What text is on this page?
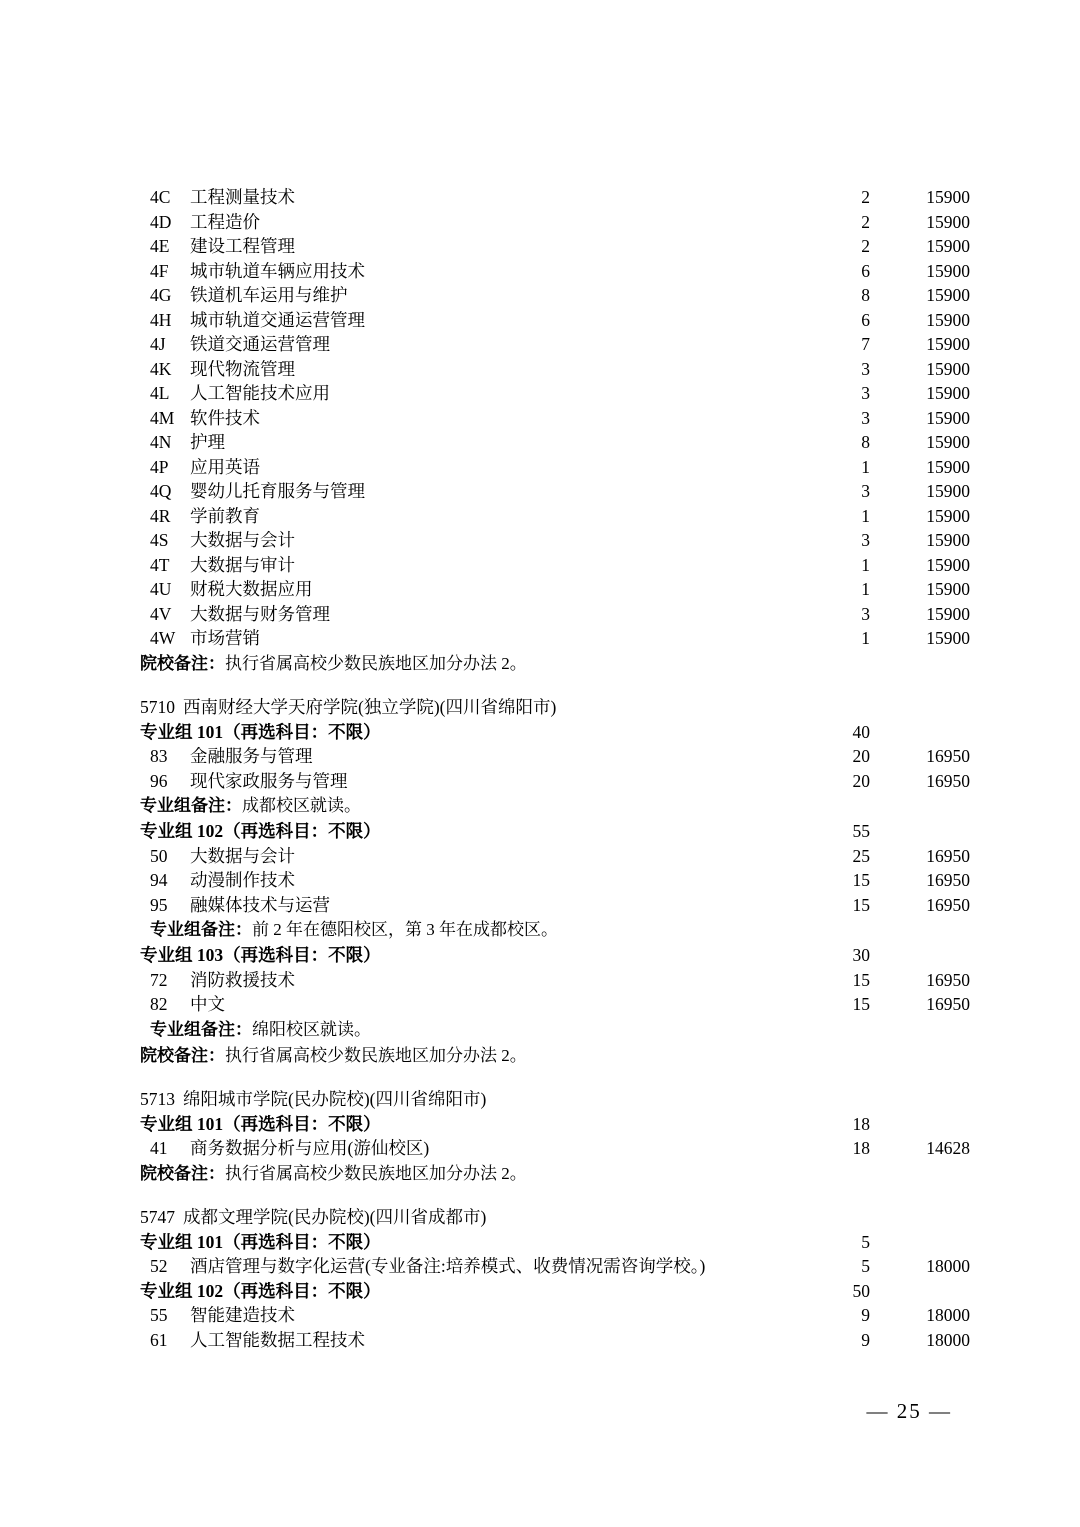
4C 工程测量技术	2	15900
4D 工程造价	2	15900
4E 建设工程管理	2	15900
4F 城市轨道车辆应用技术	6	15900
4G 铁道机车运用与维护	8	15900
4H 城市轨道交通运营管理	6	15900
4J 铁道交通运营管理	7	15900
4K 现代物流管理	3	15900
4L 人工智能技术应用	3	15900
4M 软件技术	3	15900
4N 护理	8	15900
4P 应用英语	1	15900
4Q 婴幼儿托育服务与管理	3	15900
4R 学前教育	1	15900
4S 大数据与会计	3	15900
4T 大数据与审计	1	15900
4U 财税大数据应用	1	15900
4V 大数据与财务管理	3	15900
4W 市场营销	1	15900
院校备注：执行省属高校少数民族地区加分办法 2。
5710 西南财经大学天府学院(独立学院)(四川省绵阳市)
专业组 101（再选科目：不限）	40
83 金融服务与管理	20	16950
96 现代家政服务与管理	20	16950
专业组备注：成都校区就读。
专业组 102（再选科目：不限）	55
50 大数据与会计	25	16950
94 动漫制作技术	15	16950
95 融媒体技术与运营	15	16950
专业组备注：前 2 年在德阳校区，第 3 年在成都校区。
专业组 103（再选科目：不限）	30
72 消防救援技术	15	16950
82 中文	15	16950
专业组备注：绵阳校区就读。
院校备注：执行省属高校少数民族地区加分办法 2。
5713 绵阳城市学院(民办院校)(四川省绵阳市)
专业组 101（再选科目：不限）	18
41 商务数据分析与应用(游仙校区)	18	14628
院校备注：执行省属高校少数民族地区加分办法 2。
5747 成都文理学院(民办院校)(四川省成都市)
专业组 101（再选科目：不限）	5
52 酒店管理与数字化运营(专业备注:培养模式、收费情况需咨询学校。)	5	18000
专业组 102（再选科目：不限）	50
55 智能建造技术	9	18000
61 人工智能数据工程技术	9	18000
— 25 —
